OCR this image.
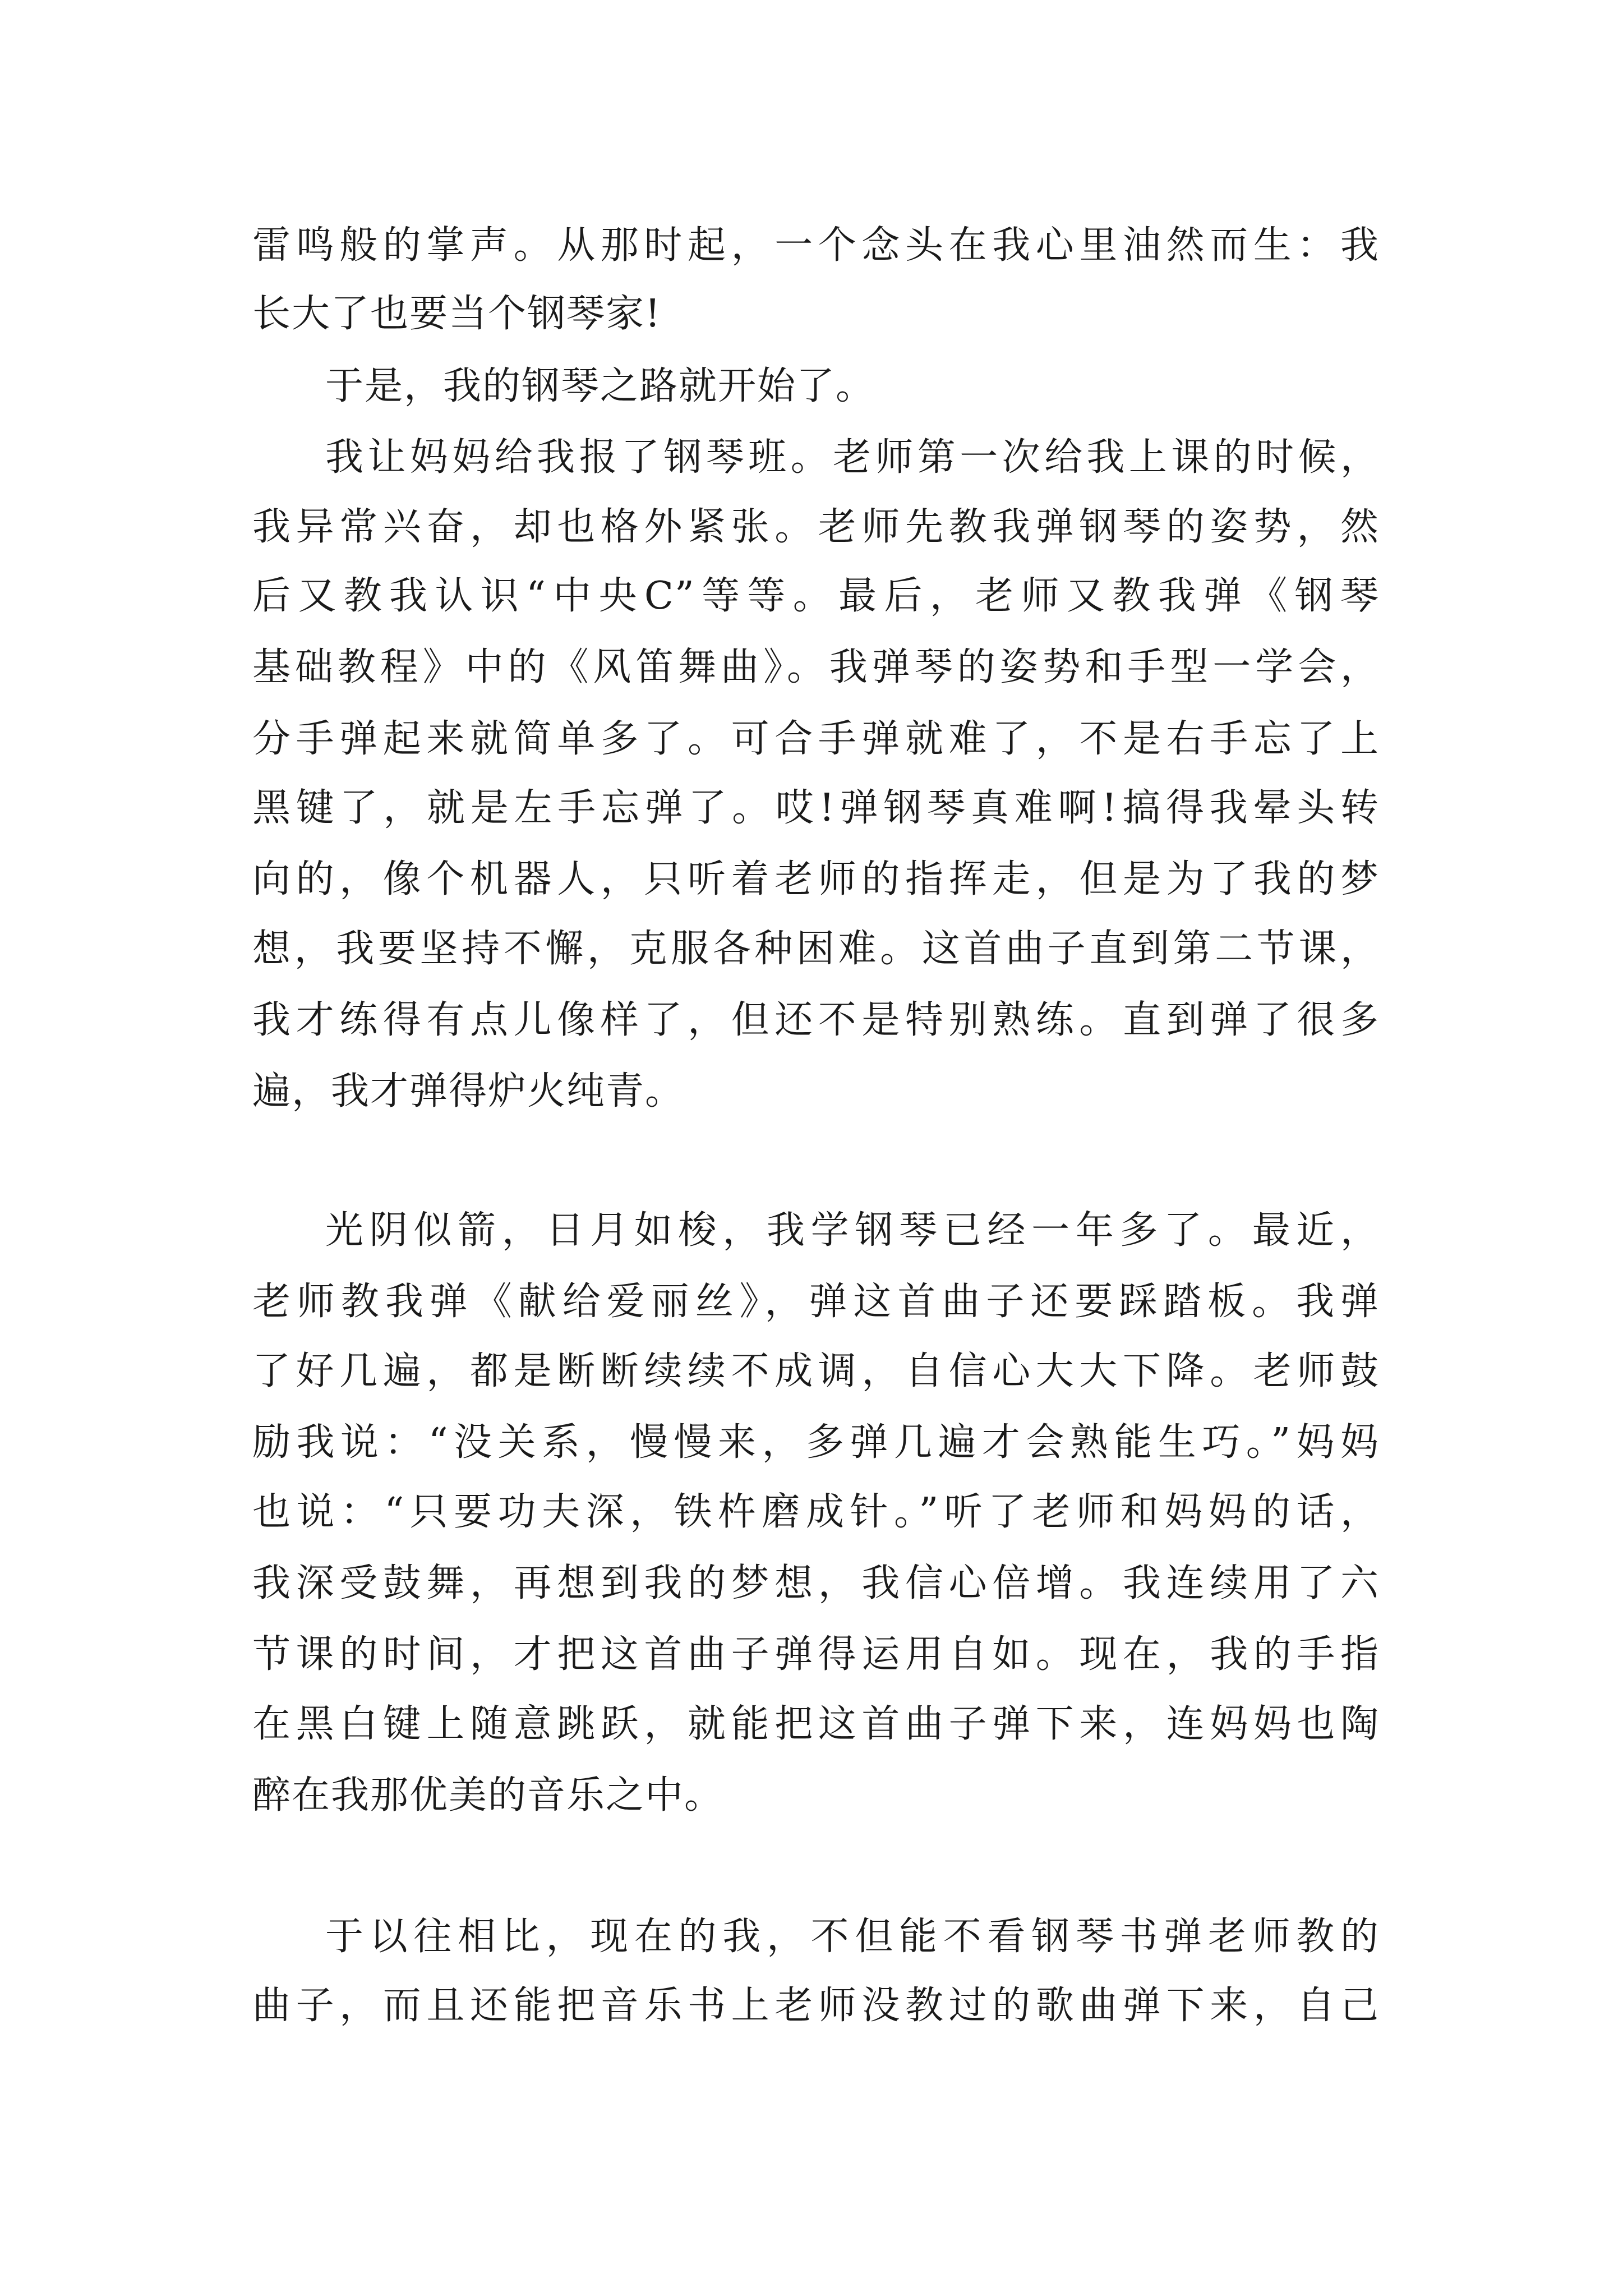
雷鸣般的掌声。从那时起，一个念头在我心里油然而生：我

长大了也要当个钢琴家!

于是，我的钢琴之路就开始了。

我让妈妈给我报了钢琴班。老师第一次给我上课的时候，

我异常兴奋，却也格外紧张。老师先教我弹钢琴的姿势，然

后又教我认识“中央C”等等。最后，老师又教我弹《钢琴

基础教程》中的《风笛舞曲》。我弹琴的姿势和手型一学会，

分手弹起来就简单多了。可合手弹就难了，不是右手忘了上

黑键了，就是左手忘弹了。哎!弹钢琴真难啊!搞得我晕头转

向的，像个机器人，只听着老师的指挥走，但是为了我的梦

想，我要坚持不懈，克服各种困难。这首曲子直到第二节课，

我才练得有点儿像样了，但还不是特别熟练。直到弹了很多

遍，我才弹得炉火纯青。

光阴似箭，日月如梭，我学钢琴已经一年多了。最近，

老师教我弹《献给爱丽丝》，弹这首曲子还要踩踏板。我弹

了好几遍，都是断断续续不成调，自信心大大下降。老师鼓

励我说：“没关系，慢慢来，多弹几遍才会熟能生巧。”妈妈

也说：“只要功夫深，铁杵磨成针。”听了老师和妈妈的话，

我深受鼓舞，再想到我的梦想，我信心倍增。我连续用了六

节课的时间，才把这首曲子弹得运用自如。现在，我的手指

在黑白键上随意跳跃，就能把这首曲子弹下来，连妈妈也陶

醉在我那优美的音乐之中。

于以往相比，现在的我，不但能不看钢琴书弹老师教的

曲子，而且还能把音乐书上老师没教过的歌曲弹下来，自己
